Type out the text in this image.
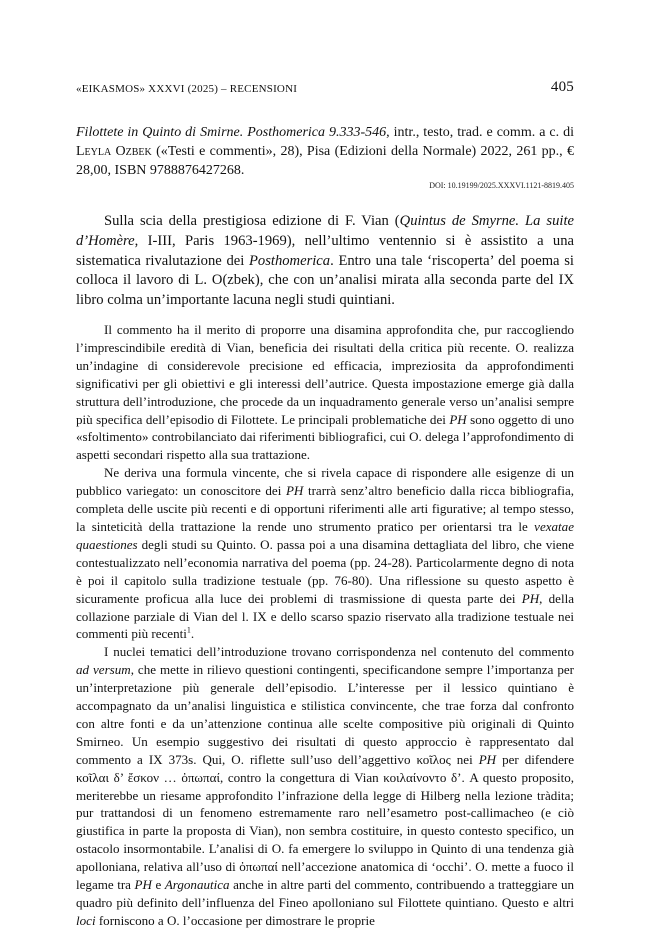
«EIKASMOS» XXXVI (2025) – RECENSIONI	405
Filottete in Quinto di Smirne. Posthomerica 9.333-546, intr., testo, trad. e comm. a c. di Leyla Ozbek («Testi e commenti», 28), Pisa (Edizioni della Normale) 2022, 261 pp., € 28,00, ISBN 9788876427268.
DOI: 10.19199/2025.XXXVI.1121-8819.405

Sulla scia della prestigiosa edizione di F. Vian (Quintus de Smyrne. La suite d’Homère, I-III, Paris 1963-1969), nell’ultimo ventennio si è assistito a una sistematica rivalutazione dei Posthomerica. Entro una tale ‘riscoperta’ del poema si colloca il lavoro di L. O(zbek), che con un’analisi mirata alla seconda parte del IX libro colma un’importante lacuna negli studi quintiani.

Il commento ha il merito di proporre una disamina approfondita che, pur raccogliendo l’imprescindibile eredità di Vian, beneficia dei risultati della critica più recente. O. realizza un’indagine di considerevole precisione ed efficacia, impreziosita da approfondimenti significativi per gli obiettivi e gli interessi dell’autrice. Questa impostazione emerge già dalla struttura dell’introduzione, che procede da un inquadramento generale verso un’analisi sempre più specifica dell’episodio di Filottete. Le principali problematiche dei PH sono oggetto di uno «sfoltimento» controbilanciato dai riferimenti bibliografici, cui O. delega l’approfondimento di aspetti secondari rispetto alla sua trattazione.

Ne deriva una formula vincente, che si rivela capace di rispondere alle esigenze di un pubblico variegato: un conoscitore dei PH trarrà senz’altro beneficio dalla ricca bibliografia, completa delle uscite più recenti e di opportuni riferimenti alle arti figurative; al tempo stesso, la sinteticità della trattazione la rende uno strumento pratico per orientarsi tra le vexatae quaestiones degli studi su Quinto. O. passa poi a una disamina dettagliata del libro, che viene contestualizzato nell’economia narrativa del poema (pp. 24-28). Particolarmente degno di nota è poi il capitolo sulla tradizione testuale (pp. 76-80). Una riflessione su questo aspetto è sicuramente proficua alla luce dei problemi di trasmissione di questa parte dei PH, della collazione parziale di Vian del l. IX e dello scarso spazio riservato alla tradizione testuale nei commenti più recenti$^1$.

I nuclei tematici dell’introduzione trovano corrispondenza nel contenuto del commento ad versum, che mette in rilievo questioni contingenti, specificandone sempre l’importanza per un’interpretazione più generale dell’episodio. L’interesse per il lessico quintiano è accompagnato da un’analisi linguistica e stilistica convincente, che trae forza dal confronto con altre fonti e da un’attenzione continua alle scelte compositive più originali di Quinto Smirneo. Un esempio suggestivo dei risultati di questo approccio è rappresentato dal commento a IX 373s. Qui, O. riflette sull’uso dell’aggettivo κοῖλος nei PH per difendere κοῖλαι δ’ ἔσκον … ὀπωπαί, contro la congettura di Vian κοιλαίνοντο δ’. A questo proposito, meriterebbe un riesame approfondito l’infrazione della legge di Hilberg nella lezione tràdita; pur trattandosi di un fenomeno estremamente raro nell’esametro post-callimacheo (e ciò giustifica in parte la proposta di Vian), non sembra costituire, in questo contesto specifico, un ostacolo insormontabile. L’analisi di O. fa emergere lo sviluppo in Quinto di una tendenza già apolloniana, relativa all’uso di ὀπωπαί nell’accezione anatomica di ‘occhi’. O. mette a fuoco il legame tra PH e Argonautica anche in altre parti del commento, contribuendo a tratteggiare un quadro più definito dell’influenza del Fineo apolloniano sul Filottete quintiano. Questo e altri loci forniscono a O. l’occasione per dimostrare le proprie
